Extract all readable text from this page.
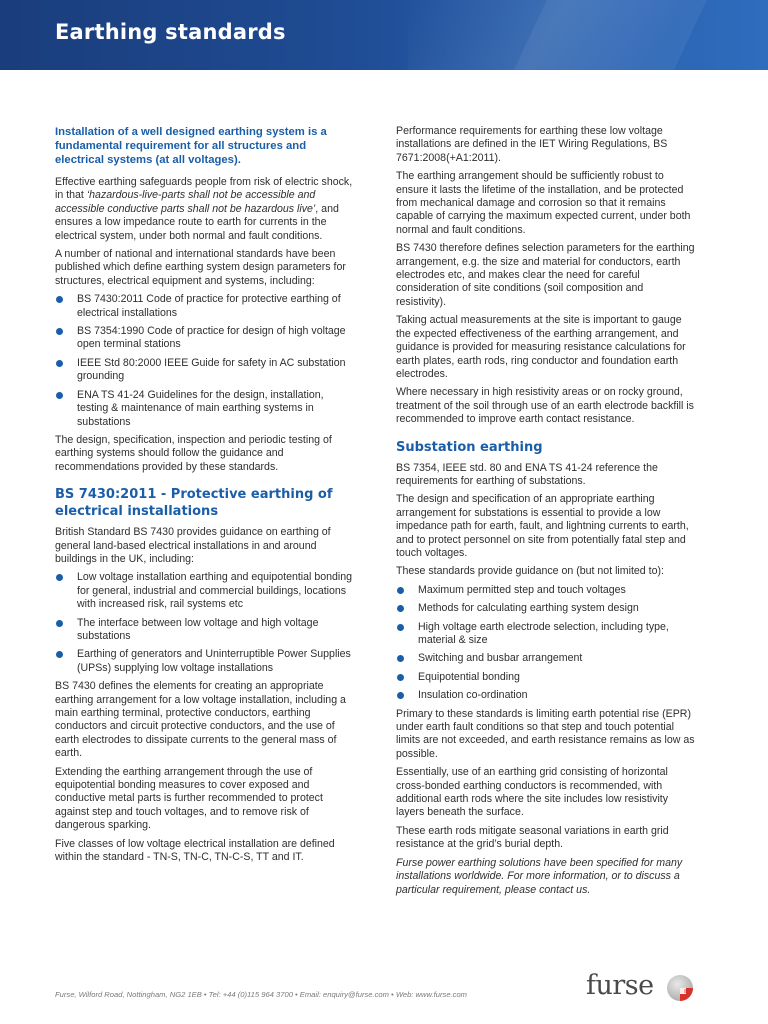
Earthing standards

Installation of a well designed earthing system is a fundamental requirement for all structures and electrical systems (at all voltages).

Effective earthing safeguards people from risk of electric shock, in that ‘hazardous-live-parts shall not be accessible and accessible conductive parts shall not be hazardous live’, and ensures a low impedance route to earth for currents in the electrical system, under both normal and fault conditions.

A number of national and international standards have been published which define earthing system design parameters for structures, electrical equipment and systems, including:

BS 7430:2011 Code of practice for protective earthing of electrical installations
BS 7354:1990 Code of practice for design of high voltage open terminal stations
IEEE Std 80:2000 IEEE Guide for safety in AC substation grounding
ENA TS 41-24 Guidelines for the design, installation, testing & maintenance of main earthing systems in substations

The design, specification, inspection and periodic testing of earthing systems should follow the guidance and recommendations provided by these standards.

BS 7430:2011 - Protective earthing of electrical installations

British Standard BS 7430 provides guidance on earthing of general land-based electrical installations in and around buildings in the UK, including:

Low voltage installation earthing and equipotential bonding for general, industrial and commercial buildings, locations with increased risk, rail systems etc
The interface between low voltage and high voltage substations
Earthing of generators and Uninterruptible Power Supplies (UPSs) supplying low voltage installations

BS 7430 defines the elements for creating an appropriate earthing arrangement for a low voltage installation, including a main earthing terminal, protective conductors, earthing conductors and circuit protective conductors, and the use of earth electrodes to dissipate currents to the general mass of earth.

Extending the earthing arrangement through the use of equipotential bonding measures to cover exposed and conductive metal parts is further recommended to protect against step and touch voltages, and to remove risk of dangerous sparking.

Five classes of low voltage electrical installation are defined within the standard - TN-S, TN-C, TN-C-S, TT and IT.

Performance requirements for earthing these low voltage installations are defined in the IET Wiring Regulations, BS 7671:2008(+A1:2011).

The earthing arrangement should be sufficiently robust to ensure it lasts the lifetime of the installation, and be protected from mechanical damage and corrosion so that it remains capable of carrying the maximum expected current, under both normal and fault conditions.

BS 7430 therefore defines selection parameters for the earthing arrangement, e.g. the size and material for conductors, earth electrodes etc, and makes clear the need for careful consideration of site conditions (soil composition and resistivity).

Taking actual measurements at the site is important to gauge the expected effectiveness of the earthing arrangement, and guidance is provided for measuring resistance calculations for earth plates, earth rods, ring conductor and foundation earth electrodes.

Where necessary in high resistivity areas or on rocky ground, treatment of the soil through use of an earth electrode backfill is recommended to improve earth contact resistance.

Substation earthing

BS 7354, IEEE std. 80 and ENA TS 41-24 reference the requirements for earthing of substations.

The design and specification of an appropriate earthing arrangement for substations is essential to provide a low impedance path for earth, fault, and lightning currents to earth, and to protect personnel on site from potentially fatal step and touch voltages.

These standards provide guidance on (but not limited to):

Maximum permitted step and touch voltages
Methods for calculating earthing system design
High voltage earth electrode selection, including type, material & size
Switching and busbar arrangement
Equipotential bonding
Insulation co-ordination

Primary to these standards is limiting earth potential rise (EPR) under earth fault conditions so that step and touch potential limits are not exceeded, and earth resistance remains as low as possible.

Essentially, use of an earthing grid consisting of horizontal cross-bonded earthing conductors is recommended, with additional earth rods where the site includes low resistivity layers beneath the surface.

These earth rods mitigate seasonal variations in earth grid resistance at the grid’s burial depth.

Furse power earthing solutions have been specified for many installations worldwide. For more information, or to discuss a particular requirement, please contact us.

Furse, Wilford Road, Nottingham, NG2 1EB • Tel: +44 (0)115 964 3700 • Email: enquiry@furse.com • Web: www.furse.com	furse
